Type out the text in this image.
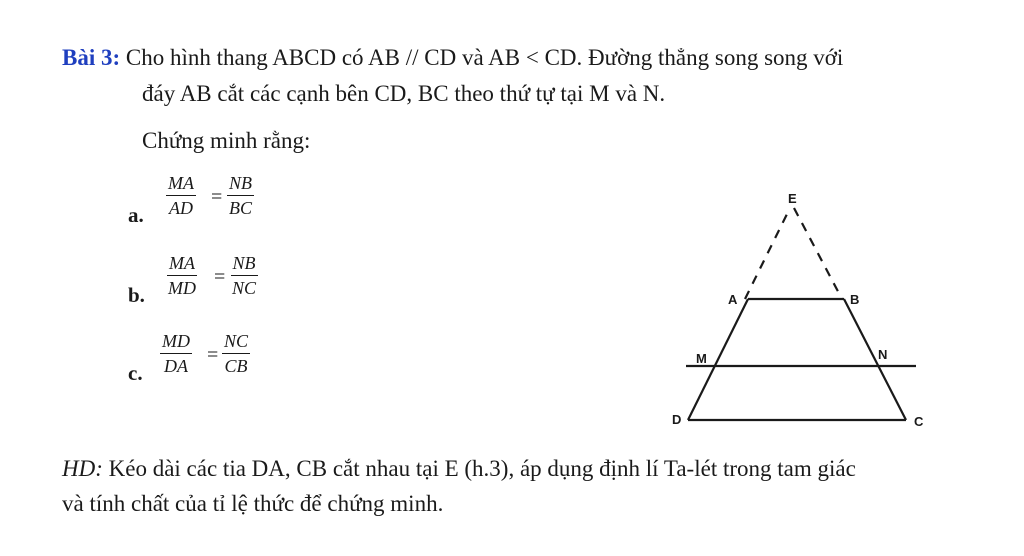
Bài 3: Cho hình thang ABCD có AB // CD và AB < CD. Đường thẳng song song với
đáy AB cắt các cạnh bên CD, BC theo thứ tự tại M và N.
Chứng minh rằng:
a. $\frac{MA}{AD} = \frac{NB}{BC}$
b. $\frac{MA}{MD} = \frac{NB}{NC}$
c. $\frac{MD}{DA} = \frac{NC}{CB}$
E
A	B
M	N
D	C
HD: Kéo dài các tia DA, CB cắt nhau tại E (h.3), áp dụng định lí Ta-lét trong tam giác
và tính chất của tỉ lệ thức để chứng minh.
